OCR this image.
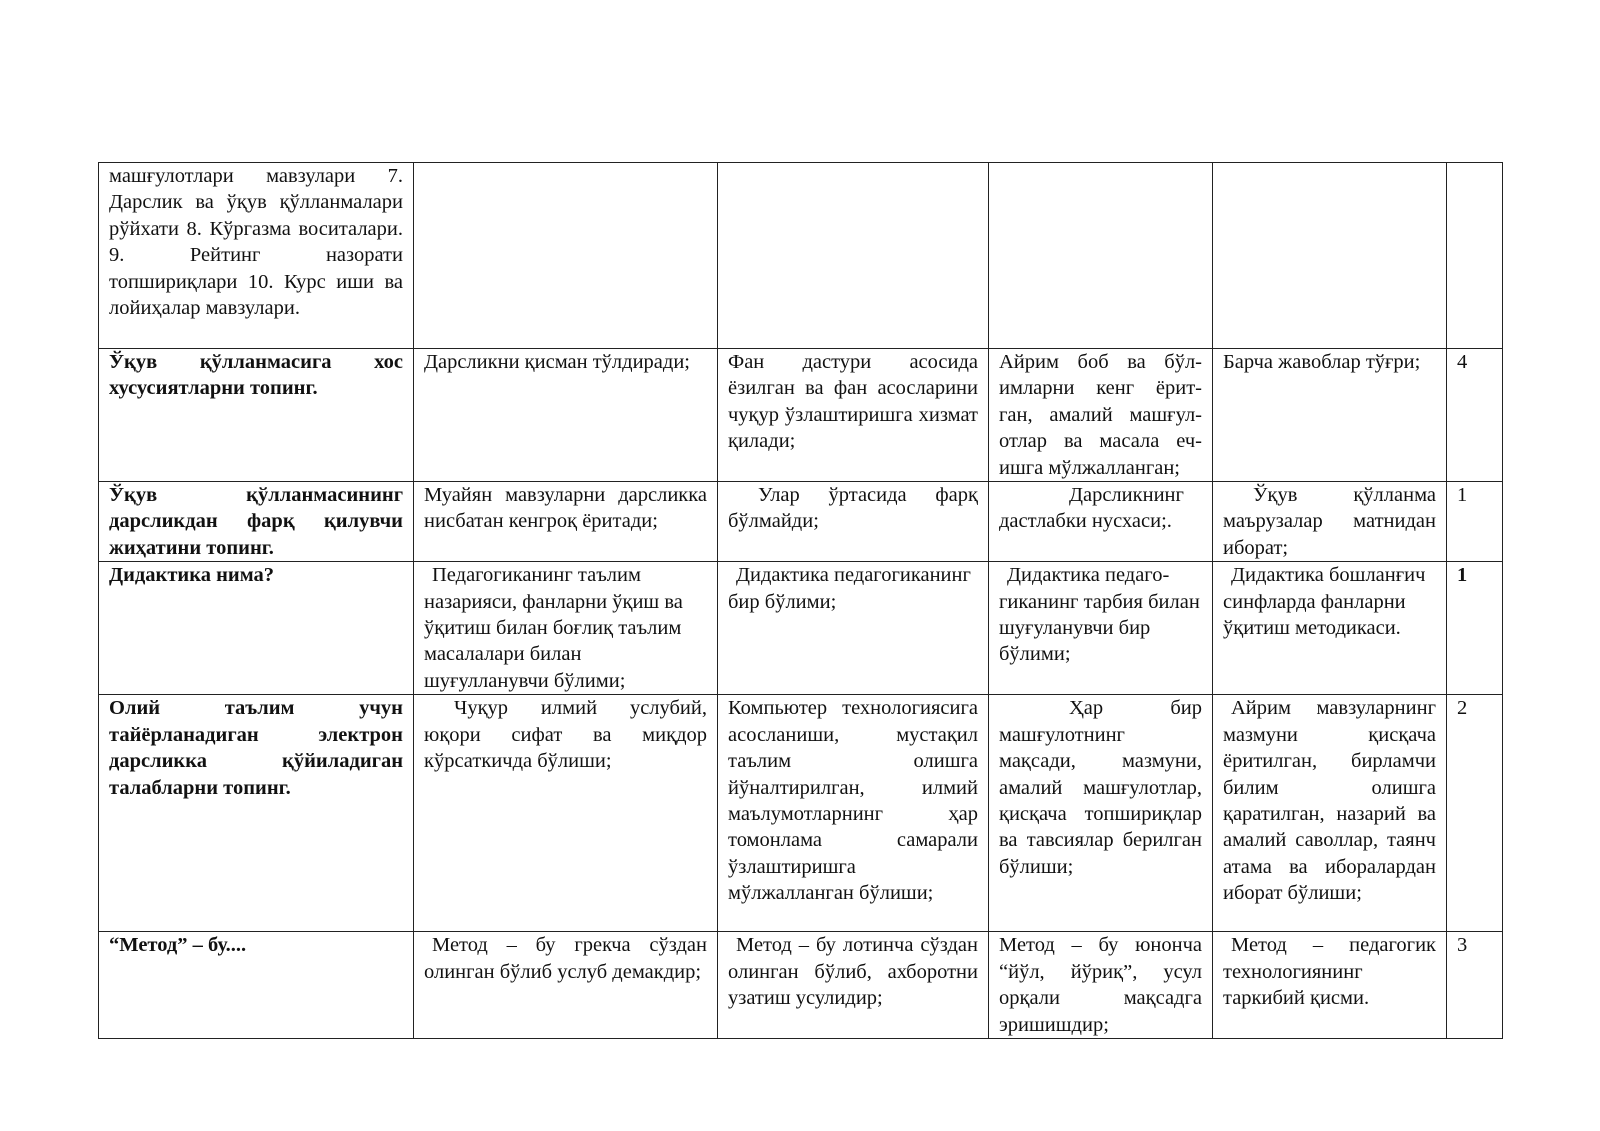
машғулотлари мавзулари 7. Дарслик ва ўқув қўлланмалари рўйхати 8. Кўргазма воситалари. 9. Рейтинг назорати топшириқлари 10. Курс иши ва лойиҳалар мавзулари.					
Ўқув қўлланмасига хос хусусиятларни топинг.	Дарсликни қисман тўлдиради;	Фан дастури асосида ёзилган ва фан асосларини чуқур ўзлаштиришга хизмат қилади;	Айрим боб ва бўл-имларни кенг ёрит-ган, амалий машғул-отлар ва масала еч-ишга мўлжалланган;	Барча жавоблар тўғри;	4
Ўқув қўлланмасининг дарсликдан фарқ қилувчи жиҳатини топинг.	Муайян мавзуларни дарсликка нисбатан кенгроқ ёритади;	Улар ўртасида фарқ бўлмайди;	Дарсликнинг дастлабки нусхаси;.	Ўқув қўлланма маърузалар матнидан иборат;	1
Дидактика нима?	Педагогиканинг таълим назарияси, фанларни ўқиш ва ўқитиш билан боғлиқ таълим масалалари билан шуғулланувчи бўлими;	Дидактика педагогиканинг бир бўлими;	Дидактика педаго-гиканинг тарбия билан шуғуланувчи бир бўлими;	Дидактика бошланғич синфларда фанларни ўқитиш методикаси.	1
Олий таълим учун тайёрланадиган электрон дарсликка қўйиладиган талабларни топинг.	Чуқур илмий услубий, юқори сифат ва миқдор кўрсаткичда бўлиши;	Компьютер технологиясига асосланиши, мустақил таълим олишга йўналтирилган, илмий маълумотларнинг ҳар томонлама самарали ўзлаштиришга мўлжалланган бўлиши;	Ҳар бир машғулотнинг мақсади, мазмуни, амалий машғулотлар, қисқача топшириқлар ва тавсиялар берилган бўлиши;	Айрим мавзуларнинг мазмуни қисқача ёритилган, бирламчи билим олишга қаратилган, назарий ва амалий саволлар, таянч атама ва иборалардан иборат бўлиши;	2
“Метод” – бу....	Метод – бу грекча сўздан олинган бўлиб услуб демакдир;	Метод – бу лотинча сўздан олинган бўлиб, ахборотни узатиш усулидир;	Метод – бу юнонча “йўл, йўриқ”, усул орқали мақсадга эришишдир;	Метод – педагогик технологиянинг таркибий қисми.	3
